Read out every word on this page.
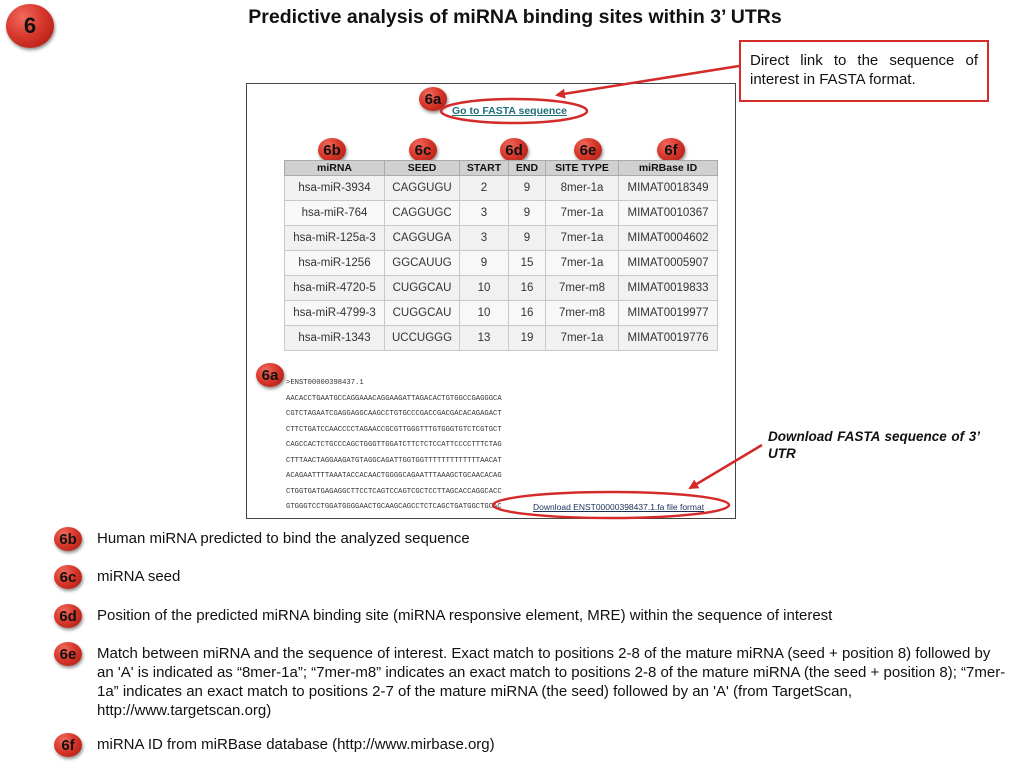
6	Predictive analysis of miRNA binding sites within 3’ UTRs
Direct link to the sequence of interest in FASTA format.
6a
Go to FASTA sequence
6b	6c	6d	6e	6f
miRNA	SEED	START	END	SITE TYPE	miRBase ID
hsa-miR-3934	CAGGUGU	2	9	8mer-1a	MIMAT0018349
hsa-miR-764	CAGGUGC	3	9	7mer-1a	MIMAT0010367
hsa-miR-125a-3	CAGGUGA	3	9	7mer-1a	MIMAT0004602
hsa-miR-1256	GGCAUUG	9	15	7mer-1a	MIMAT0005907
hsa-miR-4720-5	CUGGCAU	10	16	7mer-m8	MIMAT0019833
hsa-miR-4799-3	CUGGCAU	10	16	7mer-m8	MIMAT0019977
hsa-miR-1343	UCCUGGG	13	19	7mer-1a	MIMAT0019776
6a	>ENST00000398437.1
AACACCTGAATGCCAGGAAACAGGAAGATTAGACACTGTGGCCGAGGGCA
CGTCTAGAATCGAGGAGGCAAGCCTGTGCCCGACCGACGACACAGAGACT
CTTCTGATCCAACCCCTAGAACCGCGTTGGGTTTGTGGGTGTCTCGTGCT
CAGCCACTCTGCCCAGCTGGGTTGGATCTTCTCTCCATTCCCCTTTCTAG
CTTTAACTAGGAAGATGTAGGCAGATTGGTGGTTTTTTTTTTTTTAACAT
ACAGAATTTTAAATACCACAACTGGGGCAGAATTTAAAGCTGCAACACAG
CTGGTGATGAGAGGCTTCCTCAGTCCAGTCGCTCCTTAGCACCAGGCACC
GTGGGTCCTGGATGGGGAACTGCAAGCAGCCTCTCAGCTGATGGCTGCAC	Download ENST00000398437.1.fa file format
Download FASTA sequence of 3’ UTR
6b	Human miRNA predicted to bind the analyzed sequence
6c	miRNA seed
6d	Position of the predicted miRNA binding site (miRNA responsive element, MRE) within the sequence of interest
6e	Match between miRNA and the sequence of interest. Exact match to positions 2-8 of the mature miRNA (seed + position 8) followed by an 'A' is indicated as “8mer-1a”; “7mer-m8” indicates an exact match to positions 2-8 of the mature miRNA (the seed + position 8); “7mer-1a” indicates an exact match to positions 2-7 of the mature miRNA (the seed) followed by an 'A' (from TargetScan, http://www.targetscan.org)
6f	miRNA ID from miRBase database (http://www.mirbase.org)
